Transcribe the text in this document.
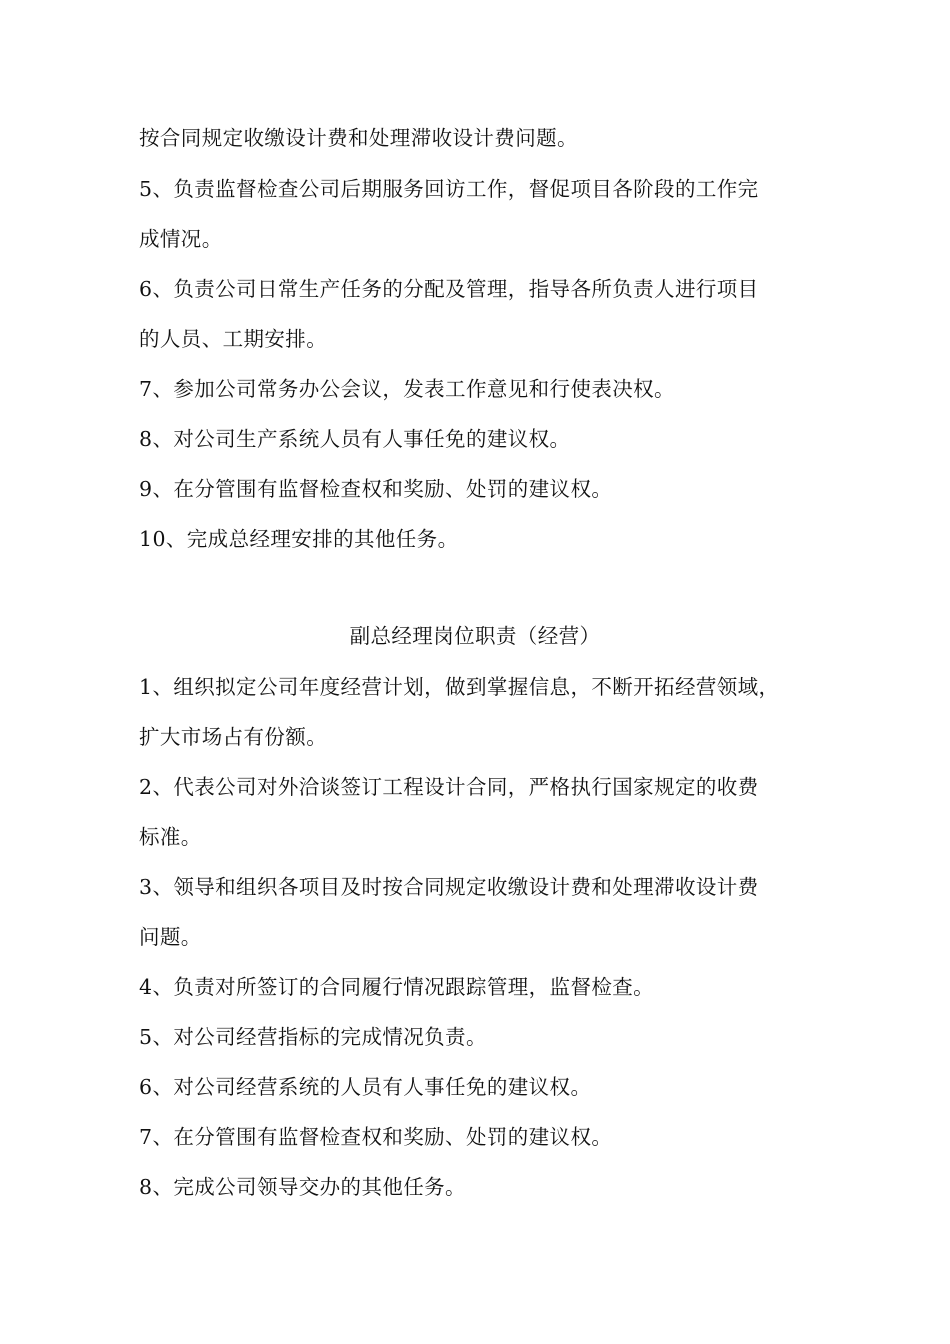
按合同规定收缴设计费和处理滞收设计费问题。
5、负责监督检查公司后期服务回访工作，督促项目各阶段的工作完
成情况。
6、负责公司日常生产任务的分配及管理，指导各所负责人进行项目
的人员、工期安排。
7、参加公司常务办公会议，发表工作意见和行使表决权。
8、对公司生产系统人员有人事任免的建议权。
9、在分管围有监督检查权和奖励、处罚的建议权。
10、完成总经理安排的其他任务。
副总经理岗位职责（经营）
1、组织拟定公司年度经营计划，做到掌握信息，不断开拓经营领域，
扩大市场占有份额。
2、代表公司对外洽谈签订工程设计合同，严格执行国家规定的收费
标准。
3、领导和组织各项目及时按合同规定收缴设计费和处理滞收设计费
问题。
4、负责对所签订的合同履行情况跟踪管理，监督检查。
5、对公司经营指标的完成情况负责。
6、对公司经营系统的人员有人事任免的建议权。
7、在分管围有监督检查权和奖励、处罚的建议权。
8、完成公司领导交办的其他任务。
